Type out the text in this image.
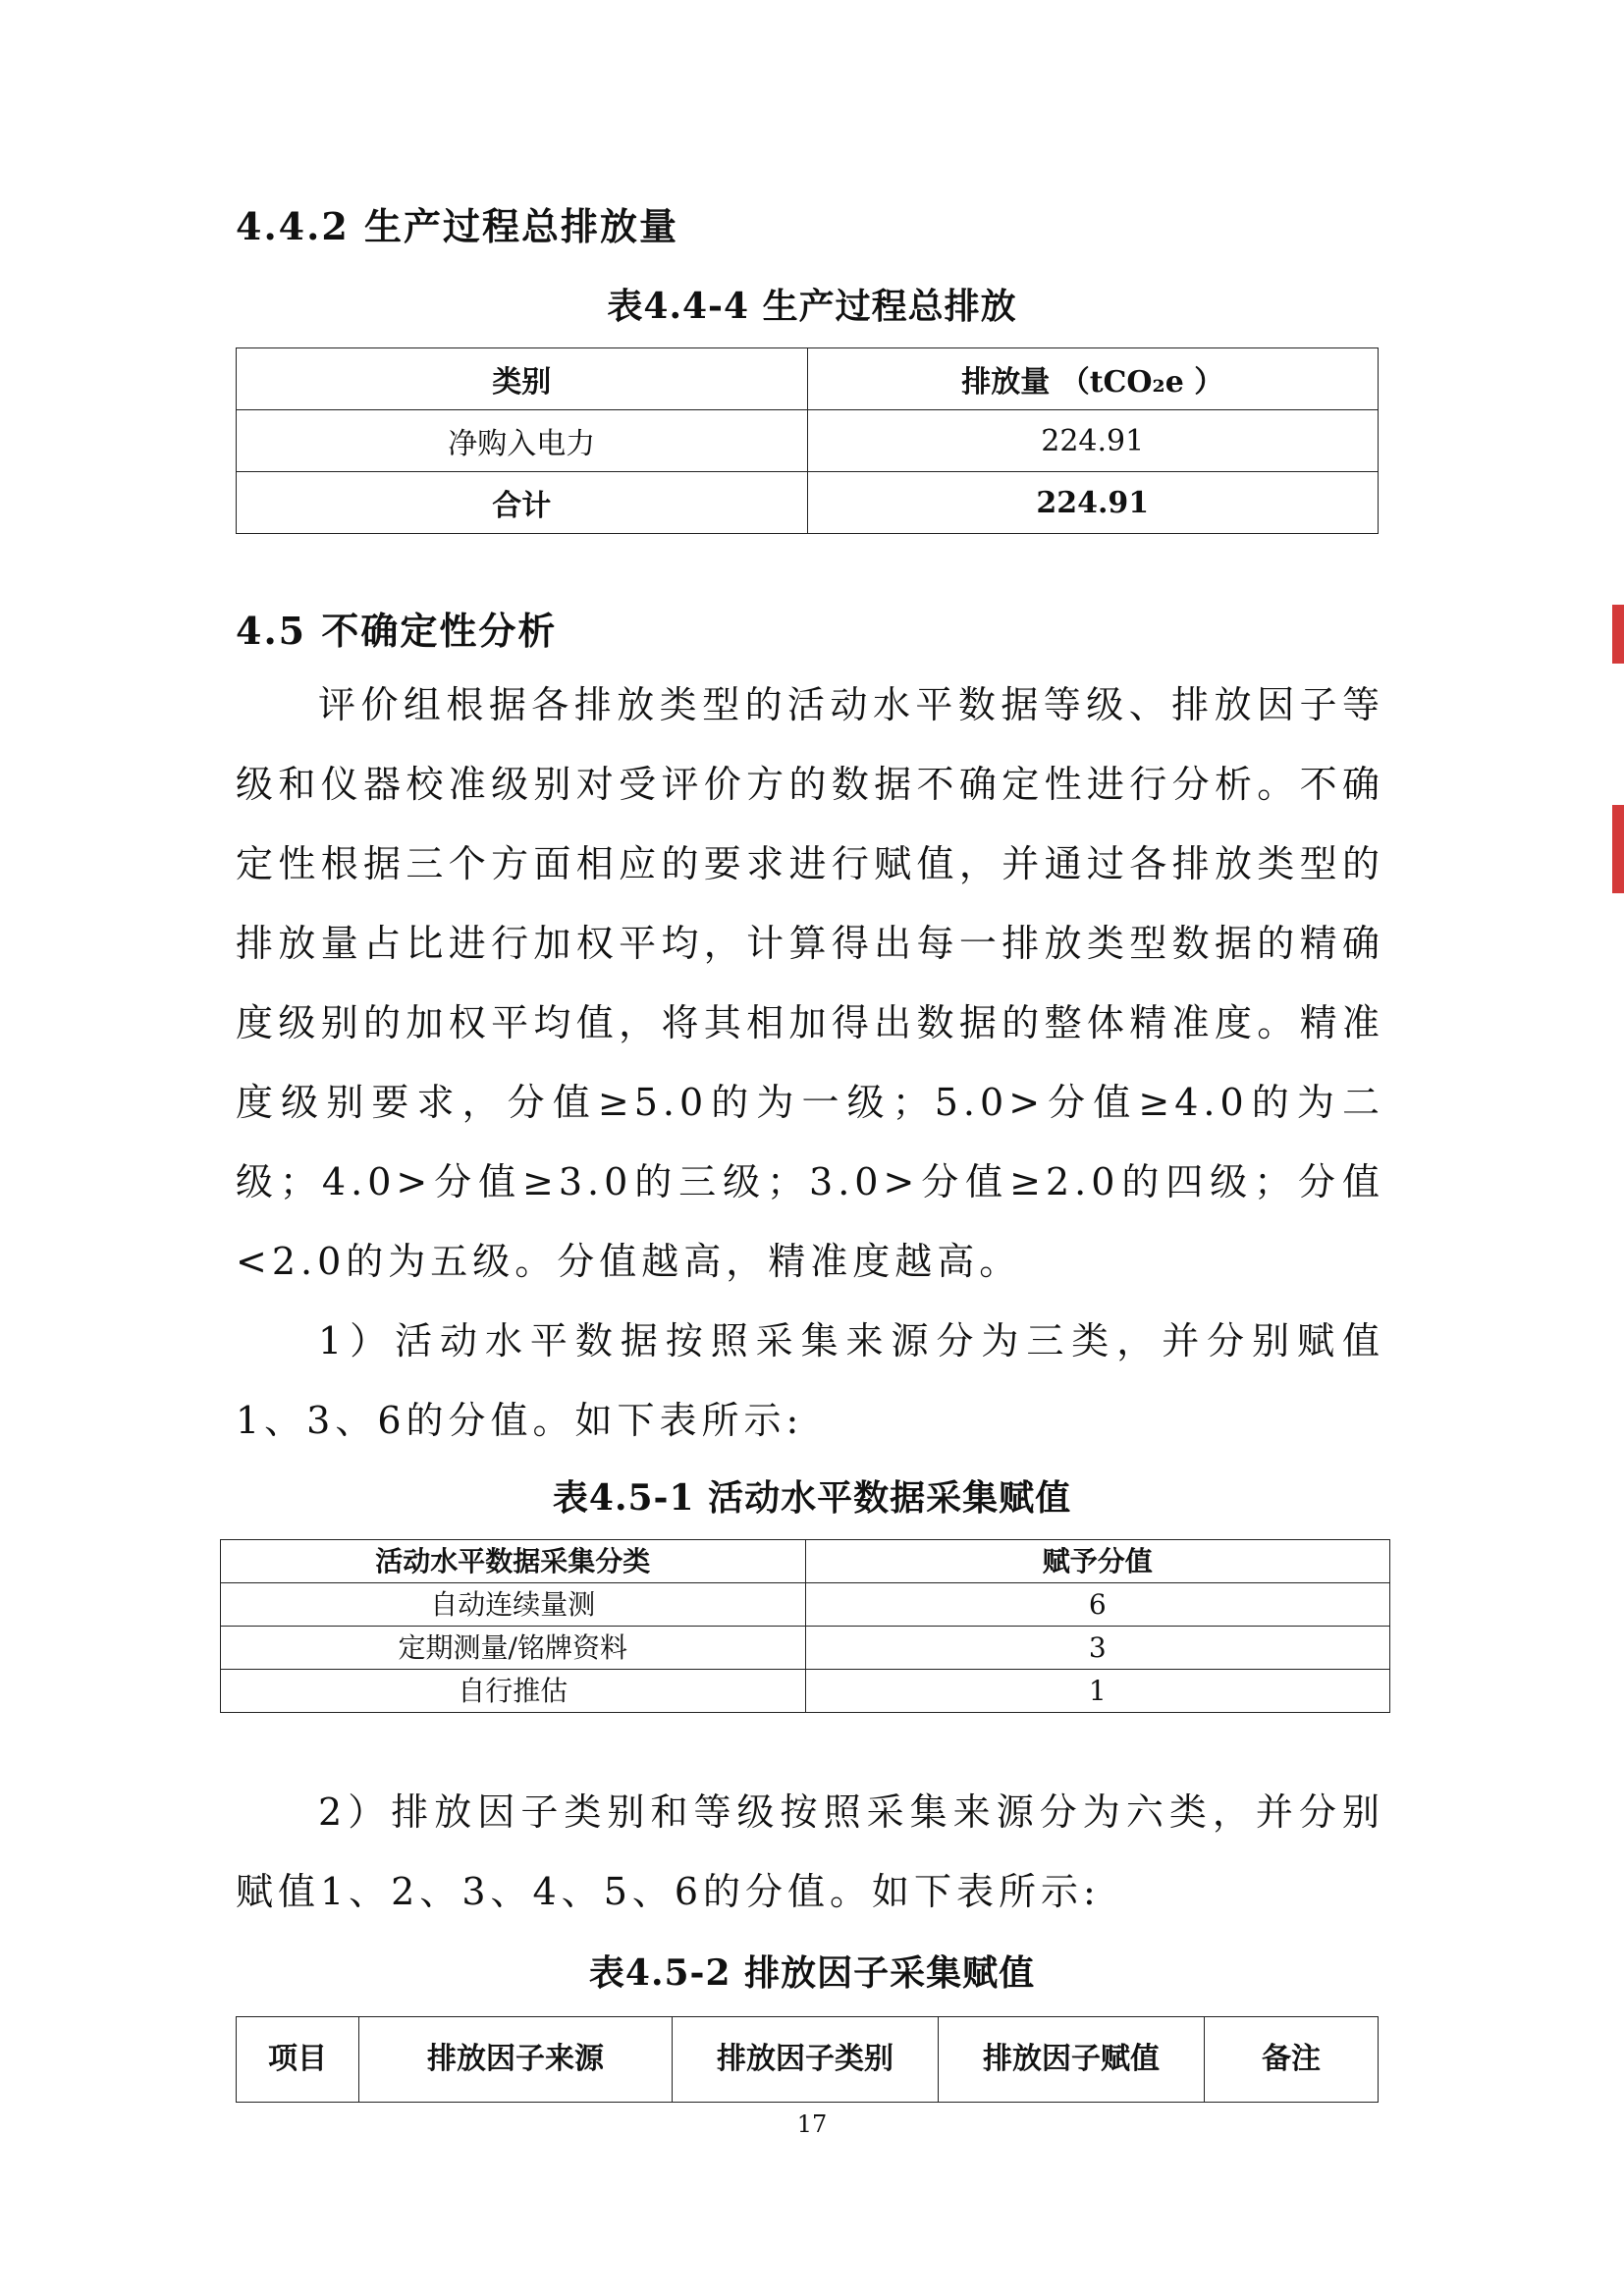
4.4.2 生产过程总排放量
表4.4-4 生产过程总排放
类别	排放量 （tCO₂e ）
净购入电力	224.91
合计	224.91
4.5 不确定性分析

评价组根据各排放类型的活动水平数据等级、排放因子等级和仪器校准级别对受评价方的数据不确定性进行分析。不确定性根据三个方面相应的要求进行赋值，并通过各排放类型的排放量占比进行加权平均，计算得出每一排放类型数据的精确度级别的加权平均值，将其相加得出数据的整体精准度。精准度级别要求，分值≥5.0的为一级；5.0>分值≥4.0的为二级；4.0>分值≥3.0的三级；3.0>分值≥2.0的四级；分值<2.0的为五级。分值越高，精准度越高。

1）活动水平数据按照采集来源分为三类，并分别赋值1、3、6的分值。如下表所示:

表4.5-1 活动水平数据采集赋值
活动水平数据采集分类	赋予分值
自动连续量测	6
定期测量/铭牌资料	3
自行推估	1

2）排放因子类别和等级按照采集来源分为六类，并分别赋值1、2、3、4、5、6的分值。如下表所示:

表4.5-2 排放因子采集赋值
项目	排放因子来源	排放因子类别	排放因子赋值	备注
17
